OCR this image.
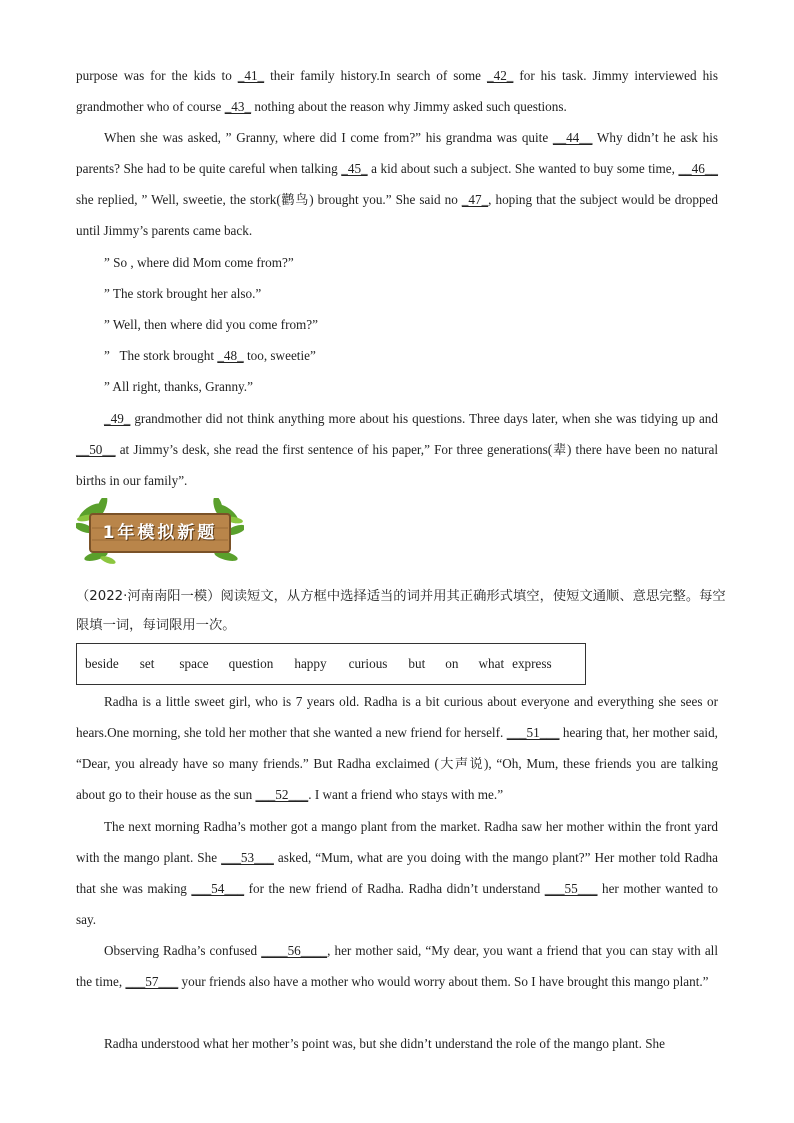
purpose was for the kids to _41_ their family history.In search of some _42_ for his task. Jimmy interviewed his grandmother who of course _43_ nothing about the reason why Jimmy asked such questions.

When she was asked, ” Granny, where did I come from?” his grandma was quite __44__ Why didn’t he ask his parents? She had to be quite careful when talking _45_ a kid about such a subject. She wanted to buy some time, __46__ she replied, ” Well, sweetie, the stork(鹳鸟) brought you.” She said no _47_, hoping that the subject would be dropped until Jimmy’s parents came back.

” So , where did Mom come from?”
” The stork brought her also.”
” Well, then where did you come from?”
”   The stork brought _48_ too, sweetie”
” All right, thanks, Granny.”

_49_ grandmother did not think anything more about his questions. Three days later, when she was tidying up and __50__ at Jimmy’s desk, she read the first sentence of his paper,” For three generations(辈) there have been no natural births in our family”.

1年模拟新题

（2022·河南南阳一模）阅读短文，从方框中选择适当的词并用其正确形式填空，使短文通顺、意思完整。每空限填一词，每词限用一次。

beside set space question happy curious but on what express

Radha is a little sweet girl, who is 7 years old. Radha is a bit curious about everyone and everything she sees or hears.One morning, she told her mother that she wanted a new friend for herself. ___51___ hearing that, her mother said, “Dear, you already have so many friends.” But Radha exclaimed (大声说), “Oh, Mum, these friends you are talking about go to their house as the sun ___52___. I want a friend who stays with me.”

The next morning Radha’s mother got a mango plant from the market. Radha saw her mother within the front yard with the mango plant. She ___53___ asked, “Mum, what are you doing with the mango plant?” Her mother told Radha that she was making ___54___ for the new friend of Radha. Radha didn’t understand ___55___ her mother wanted to say.

Observing Radha’s confused ____56____, her mother said, “My dear, you want a friend that you can stay with all the time, ___57___ your friends also have a mother who would worry about them. So I have brought this mango plant.”

Radha understood what her mother’s point was, but she didn’t understand the role of the mango plant. She
